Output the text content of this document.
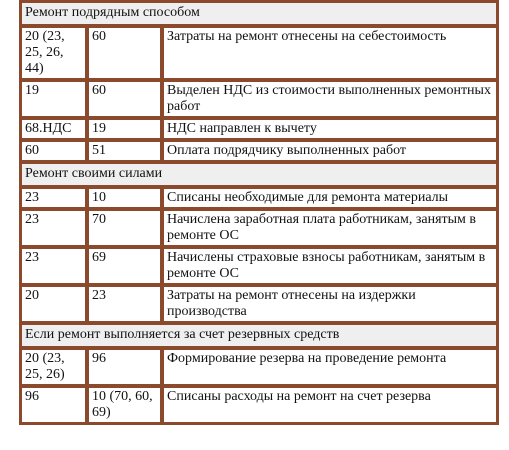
Ремонт подрядным способом		
20 (23, 25, 26, 44)	60	Затраты на ремонт отнесены на себестоимость
19	60	Выделен НДС из стоимости выполненных ремонтных работ
68.НДС	19	НДС направлен к вычету
60	51	Оплата подрядчику выполненных работ
Ремонт своими силами		
23	10	Списаны необходимые для ремонта материалы
23	70	Начислена заработная плата работникам, занятым в ремонте ОС
23	69	Начислены страховые взносы работникам, занятым в ремонте ОС
20	23	Затраты на ремонт отнесены на издержки производства
Если ремонт выполняется за счет резервных средств		
20 (23, 25, 26)	96	Формирование резерва на проведение ремонта
96	10 (70, 60, 69)	Списаны расходы на ремонт на счет резерва
